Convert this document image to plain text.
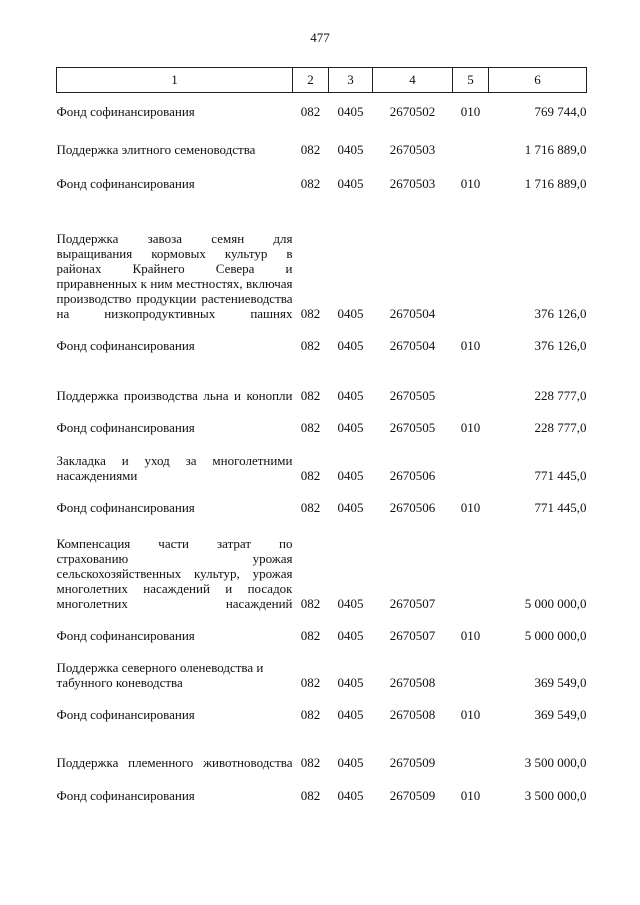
477
1	2	3	4	5	6
Фонд софинансирования	082	0405	2670502	010	769 744,0
Поддержка элитного семеноводства	082	0405	2670503		1 716 889,0
Фонд софинансирования	082	0405	2670503	010	1 716 889,0
Поддержка завоза семян для выращивания кормовых культур в районах Крайнего Севера и приравненных к ним местностях, включая производство продукции растениеводства на низкопродуктивных пашнях	082	0405	2670504		376 126,0
Фонд софинансирования	082	0405	2670504	010	376 126,0
Поддержка производства льна и конопли	082	0405	2670505		228 777,0
Фонд софинансирования	082	0405	2670505	010	228 777,0
Закладка и уход за многолетними насаждениями	082	0405	2670506		771 445,0
Фонд софинансирования	082	0405	2670506	010	771 445,0
Компенсация части затрат по страхованию урожая сельскохозяйственных культур, урожая многолетних насаждений и посадок многолетних насаждений	082	0405	2670507		5 000 000,0
Фонд софинансирования	082	0405	2670507	010	5 000 000,0
Поддержка северного оленеводства и табунного коневодства	082	0405	2670508		369 549,0
Фонд софинансирования	082	0405	2670508	010	369 549,0
Поддержка племенного животноводства	082	0405	2670509		3 500 000,0
Фонд софинансирования	082	0405	2670509	010	3 500 000,0
